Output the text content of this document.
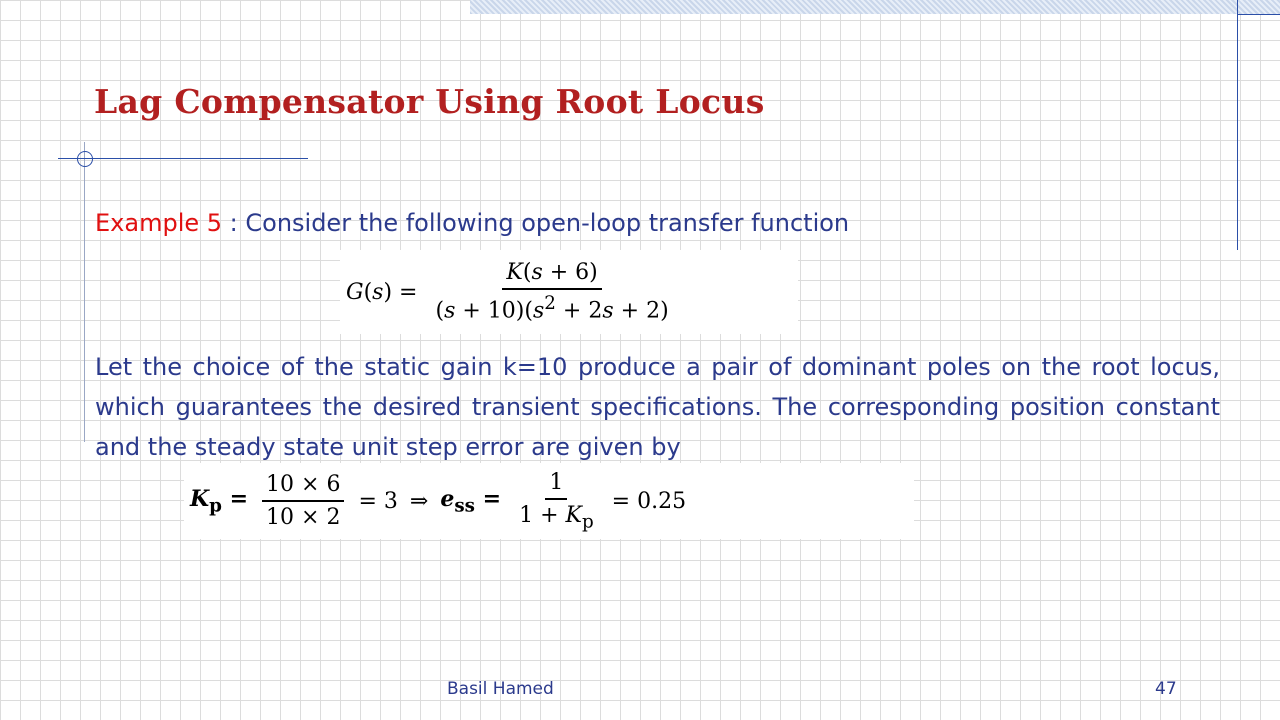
Lag Compensator Using Root Locus
Example 5 : Consider the following open-loop transfer function
$G(s) = \frac{K(s + 6)}{(s + 10)(s^2 + 2s + 2)}$

Let the choice of the static gain k=10 produce a pair of dominant poles on the root locus, which guarantees the desired transient specifications. The corresponding position constant and the steady state unit step error are given by

$K_p = \frac{10 \times 6}{10 \times 2} = 3$ ⇒ $e_{ss} = \frac{1}{1 + K_p} = 0.25$
Basil Hamed	47
